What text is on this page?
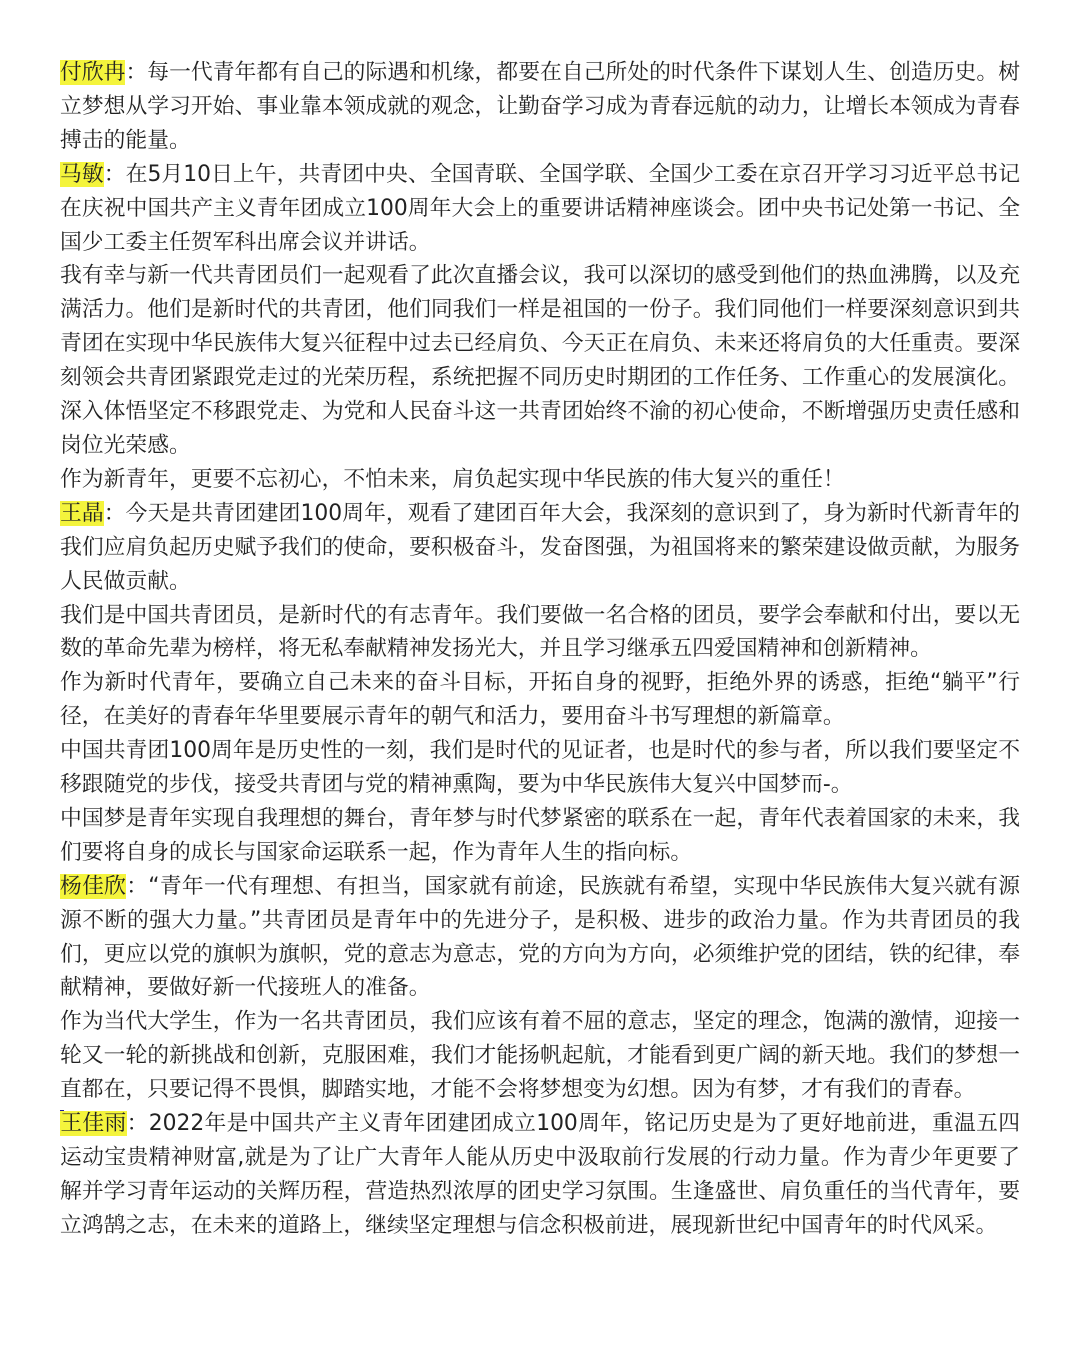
付欣冉：每一代青年都有自己的际遇和机缘，都要在自己所处的时代条件下谋划人生、创造历史。树立梦想从学习开始、事业靠本领成就的观念，让勤奋学习成为青春远航的动力，让增长本领成为青春搏击的能量。

马敏：在5月10日上午，共青团中央、全国青联、全国学联、全国少工委在京召开学习习近平总书记在庆祝中国共产主义青年团成立100周年大会上的重要讲话精神座谈会。团中央书记处第一书记、全国少工委主任贺军科出席会议并讲话。

我有幸与新一代共青团员们一起观看了此次直播会议，我可以深切的感受到他们的热血沸腾，以及充满活力。他们是新时代的共青团，他们同我们一样是祖国的一份子。我们同他们一样要深刻意识到共青团在实现中华民族伟大复兴征程中过去已经肩负、今天正在肩负、未来还将肩负的大任重责。要深刻领会共青团紧跟党走过的光荣历程，系统把握不同历史时期团的工作任务、工作重心的发展演化。深入体悟坚定不移跟党走、为党和人民奋斗这一共青团始终不渝的初心使命，不断增强历史责任感和岗位光荣感。

作为新青年，更要不忘初心，不怕未来，肩负起实现中华民族的伟大复兴的重任！

王晶：今天是共青团建团100周年，观看了建团百年大会，我深刻的意识到了，身为新时代新青年的我们应肩负起历史赋予我们的使命，要积极奋斗，发奋图强，为祖国将来的繁荣建设做贡献，为服务人民做贡献。

我们是中国共青团员，是新时代的有志青年。我们要做一名合格的团员，要学会奉献和付出，要以无数的革命先辈为榜样，将无私奉献精神发扬光大，并且学习继承五四爱国精神和创新精神。

作为新时代青年，要确立自己未来的奋斗目标，开拓自身的视野，拒绝外界的诱惑，拒绝“躺平”行径，在美好的青春年华里要展示青年的朝气和活力，要用奋斗书写理想的新篇章。

中国共青团100周年是历史性的一刻，我们是时代的见证者，也是时代的参与者，所以我们要坚定不移跟随党的步伐，接受共青团与党的精神熏陶，要为中华民族伟大复兴中国梦而-。

中国梦是青年实现自我理想的舞台，青年梦与时代梦紧密的联系在一起，青年代表着国家的未来，我们要将自身的成长与国家命运联系一起，作为青年人生的指向标。

杨佳欣：“青年一代有理想、有担当，国家就有前途，民族就有希望，实现中华民族伟大复兴就有源源不断的强大力量。”共青团员是青年中的先进分子，是积极、进步的政治力量。作为共青团员的我们，更应以党的旗帜为旗帜，党的意志为意志，党的方向为方向，必须维护党的团结，铁的纪律，奉献精神，要做好新一代接班人的准备。

作为当代大学生，作为一名共青团员，我们应该有着不屈的意志，坚定的理念，饱满的激情，迎接一轮又一轮的新挑战和创新，克服困难，我们才能扬帆起航，才能看到更广阔的新天地。我们的梦想一直都在，只要记得不畏惧，脚踏实地，才能不会将梦想变为幻想。因为有梦，才有我们的青春。

王佳雨：2022年是中国共产主义青年团建团成立100周年，铭记历史是为了更好地前进，重温五四运动宝贵精神财富,就是为了让广大青年人能从历史中汲取前行发展的行动力量。作为青少年更要了解并学习青年运动的关辉历程，营造热烈浓厚的团史学习氛围。生逢盛世、肩负重任的当代青年，要立鸿鹄之志，在未来的道路上，继续坚定理想与信念积极前进，展现新世纪中国青年的时代风采。
